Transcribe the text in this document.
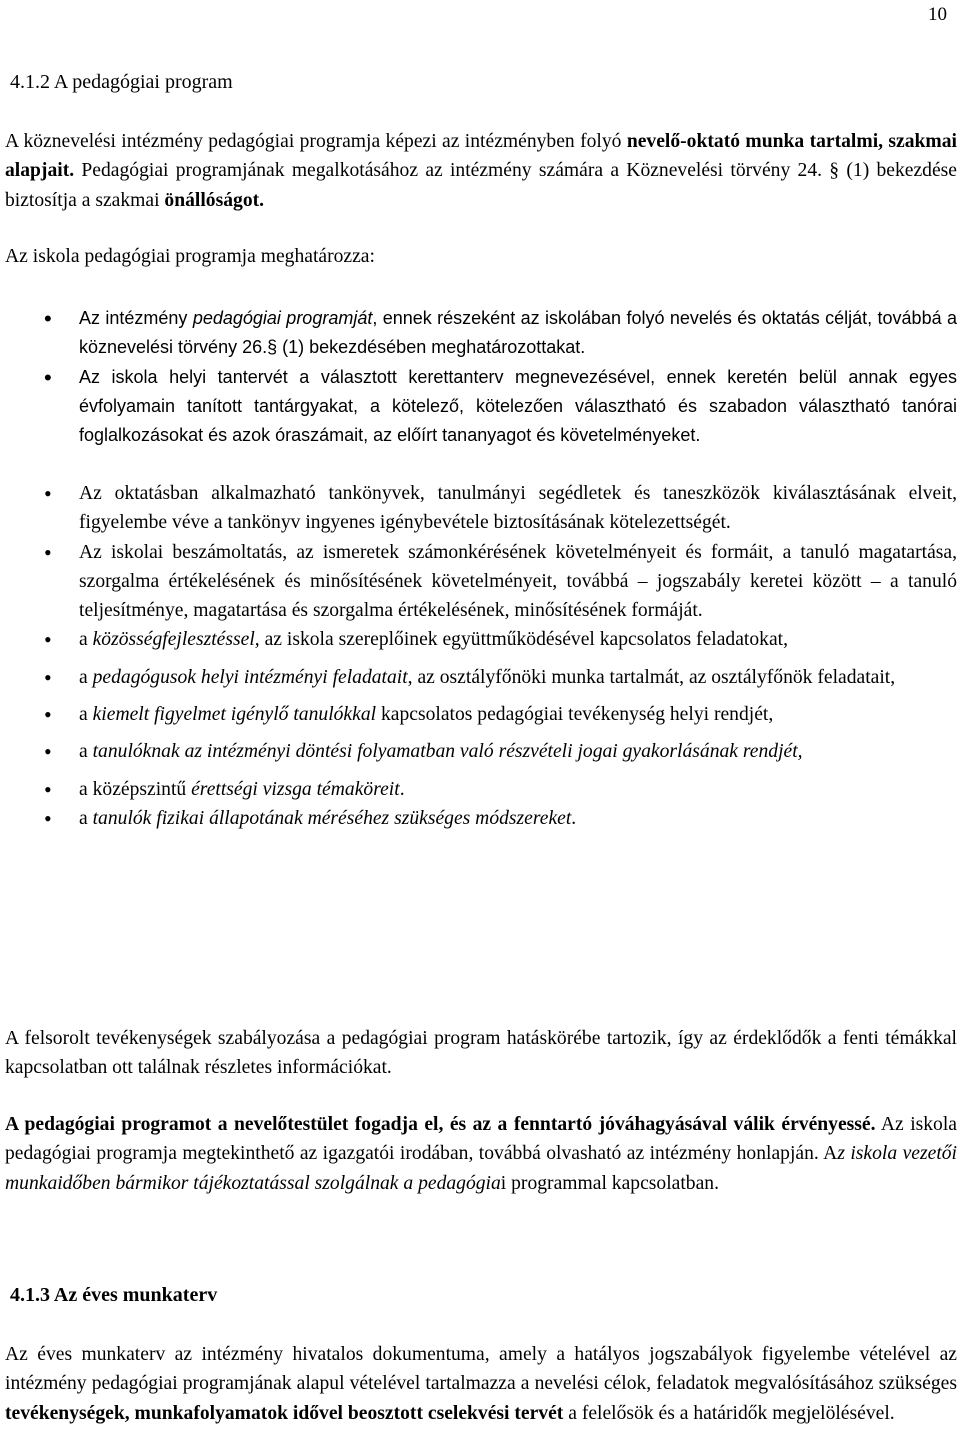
10
4.1.2 A pedagógiai program

A köznevelési intézmény pedagógiai programja képezi az intézményben folyó nevelő-oktató munka tartalmi, szakmai alapjait. Pedagógiai programjának megalkotásához az intézmény számára a Köznevelési törvény 24. § (1) bekezdése biztosítja a szakmai önállóságot.

Az iskola pedagógiai programja meghatározza:

• Az intézmény pedagógiai programját, ennek részeként az iskolában folyó nevelés és oktatás célját, továbbá a köznevelési törvény 26.§ (1) bekezdésében meghatározottakat.
• Az iskola helyi tantervét a választott kerettanterv megnevezésével, ennek keretén belül annak egyes évfolyamain tanított tantárgyakat, a kötelező, kötelezően választható és szabadon választható tanórai foglalkozásokat és azok óraszámait, az előírt tananyagot és követelményeket.
• Az oktatásban alkalmazható tankönyvek, tanulmányi segédletek és taneszközök kiválasztásának elveit, figyelembe véve a tankönyv ingyenes igénybevétele biztosításának kötelezettségét.
• Az iskolai beszámoltatás, az ismeretek számonkérésének követelményeit és formáit, a tanuló magatartása, szorgalma értékelésének és minősítésének követelményeit, továbbá – jogszabály keretei között – a tanuló teljesítménye, magatartása és szorgalma értékelésének, minősítésének formáját.
• a közösségfejlesztéssel, az iskola szereplőinek együttműködésével kapcsolatos feladatokat,
• a pedagógusok helyi intézményi feladatait, az osztályfőnöki munka tartalmát, az osztályfőnök feladatait,
• a kiemelt figyelmet igénylő tanulókkal kapcsolatos pedagógiai tevékenység helyi rendjét,
• a tanulóknak az intézményi döntési folyamatban való részvételi jogai gyakorlásának rendjét,
• a középszintű érettségi vizsga témaköreit.
• a tanulók fizikai állapotának méréséhez szükséges módszereket.

A felsorolt tevékenységek szabályozása a pedagógiai program hatáskörébe tartozik, így az érdeklődők a fenti témákkal kapcsolatban ott találnak részletes információkat.

A pedagógiai programot a nevelőtestület fogadja el, és az a fenntartó jóváhagyásával válik érvényessé. Az iskola pedagógiai programja megtekinthető az igazgatói irodában, továbbá olvasható az intézmény honlapján. Az iskola vezetői munkaidőben bármikor tájékoztatással szolgálnak a pedagógiai programmal kapcsolatban.

4.1.3 Az éves munkaterv

Az éves munkaterv az intézmény hivatalos dokumentuma, amely a hatályos jogszabályok figyelembe vételével az intézmény pedagógiai programjának alapul vételével tartalmazza a nevelési célok, feladatok megvalósításához szükséges tevékenységek, munkafolyamatok idővel beosztott cselekvési tervét a felelősök és a határidők megjelölésével.
